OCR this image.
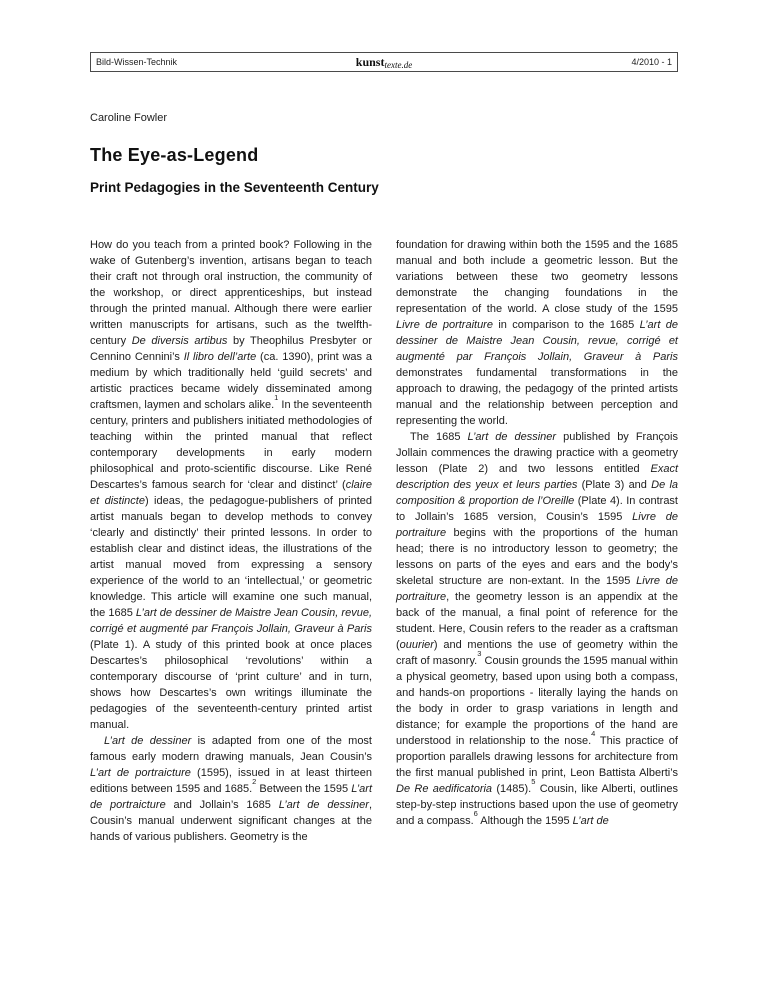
Bild-Wissen-Technik	kunsttexte.de	4/2010 - 1
Caroline Fowler
The Eye-as-Legend
Print Pedagogies in the Seventeenth Century

How do you teach from a printed book? Following in the wake of Gutenberg’s invention, artisans began to teach their craft not through oral instruction, the community of the workshop, or direct apprenticeships, but instead through the printed manual. Although there were earlier written manuscripts for artisans, such as the twelfth-century De diversis artibus by Theophilus Presbyter or Cennino Cennini’s Il libro dell’arte (ca. 1390), print was a medium by which traditionally held ‘guild secrets’ and artistic practices became widely disseminated among craftsmen, laymen and scholars alike.$^1$ In the seventeenth century, printers and publishers initiated methodologies of teaching within the printed manual that reflect contemporary developments in early modern philosophical and proto-scientific discourse. Like René Descartes’s famous search for ‘clear and distinct’ (claire et distincte) ideas, the pedagogue-publishers of printed artist manuals began to develop methods to convey ‘clearly and distinctly’ their printed lessons. In order to establish clear and distinct ideas, the illustrations of the artist manual moved from expressing a sensory experience of the world to an ‘intellectual,’ or geometric knowledge. This article will examine one such manual, the 1685 L’art de dessiner de Maistre Jean Cousin, revue, corrigé et augmenté par François Jollain, Graveur à Paris (Plate 1). A study of this printed book at once places Descartes’s philosophical ‘revolutions’ within a contemporary discourse of ‘print culture’ and in turn, shows how Descartes’s own writings illuminate the pedagogies of the seventeenth-century printed artist manual.

L’art de dessiner is adapted from one of the most famous early modern drawing manuals, Jean Cousin’s L’art de portraicture (1595), issued in at least thirteen editions between 1595 and 1685.$^2$ Between the 1595 L’art de portraicture and Jollain’s 1685 L’art de dessiner, Cousin’s manual underwent significant changes at the hands of various publishers. Geometry is the

foundation for drawing within both the 1595 and the 1685 manual and both include a geometric lesson. But the variations between these two geometry lessons demonstrate the changing foundations in the representation of the world. A close study of the 1595 Livre de portraiture in comparison to the 1685 L’art de dessiner de Maistre Jean Cousin, revue, corrigé et augmenté par François Jollain, Graveur à Paris demonstrates fundamental transformations in the approach to drawing, the pedagogy of the printed artists manual and the relationship between perception and representing the world.

The 1685 L’art de dessiner published by François Jollain commences the drawing practice with a geometry lesson (Plate 2) and two lessons entitled Exact description des yeux et leurs parties (Plate 3) and De la composition & proportion de l’Oreille (Plate 4). In contrast to Jollain’s 1685 version, Cousin’s 1595 Livre de portraiture begins with the proportions of the human head; there is no introductory lesson to geometry; the lessons on parts of the eyes and ears and the body’s skeletal structure are non-extant. In the 1595 Livre de portraiture, the geometry lesson is an appendix at the back of the manual, a final point of reference for the student. Here, Cousin refers to the reader as a craftsman (ouurier) and mentions the use of geometry within the craft of masonry.$^3$ Cousin grounds the 1595 manual within a physical geometry, based upon using both a compass, and hands-on proportions - literally laying the hands on the body in order to grasp variations in length and distance; for example the proportions of the hand are understood in relationship to the nose.$^4$ This practice of proportion parallels drawing lessons for architecture from the first manual published in print, Leon Battista Alberti’s De Re aedificatoria (1485).$^5$ Cousin, like Alberti, outlines step-by-step instructions based upon the use of geometry and a compass.$^6$ Although the 1595 L’art de
